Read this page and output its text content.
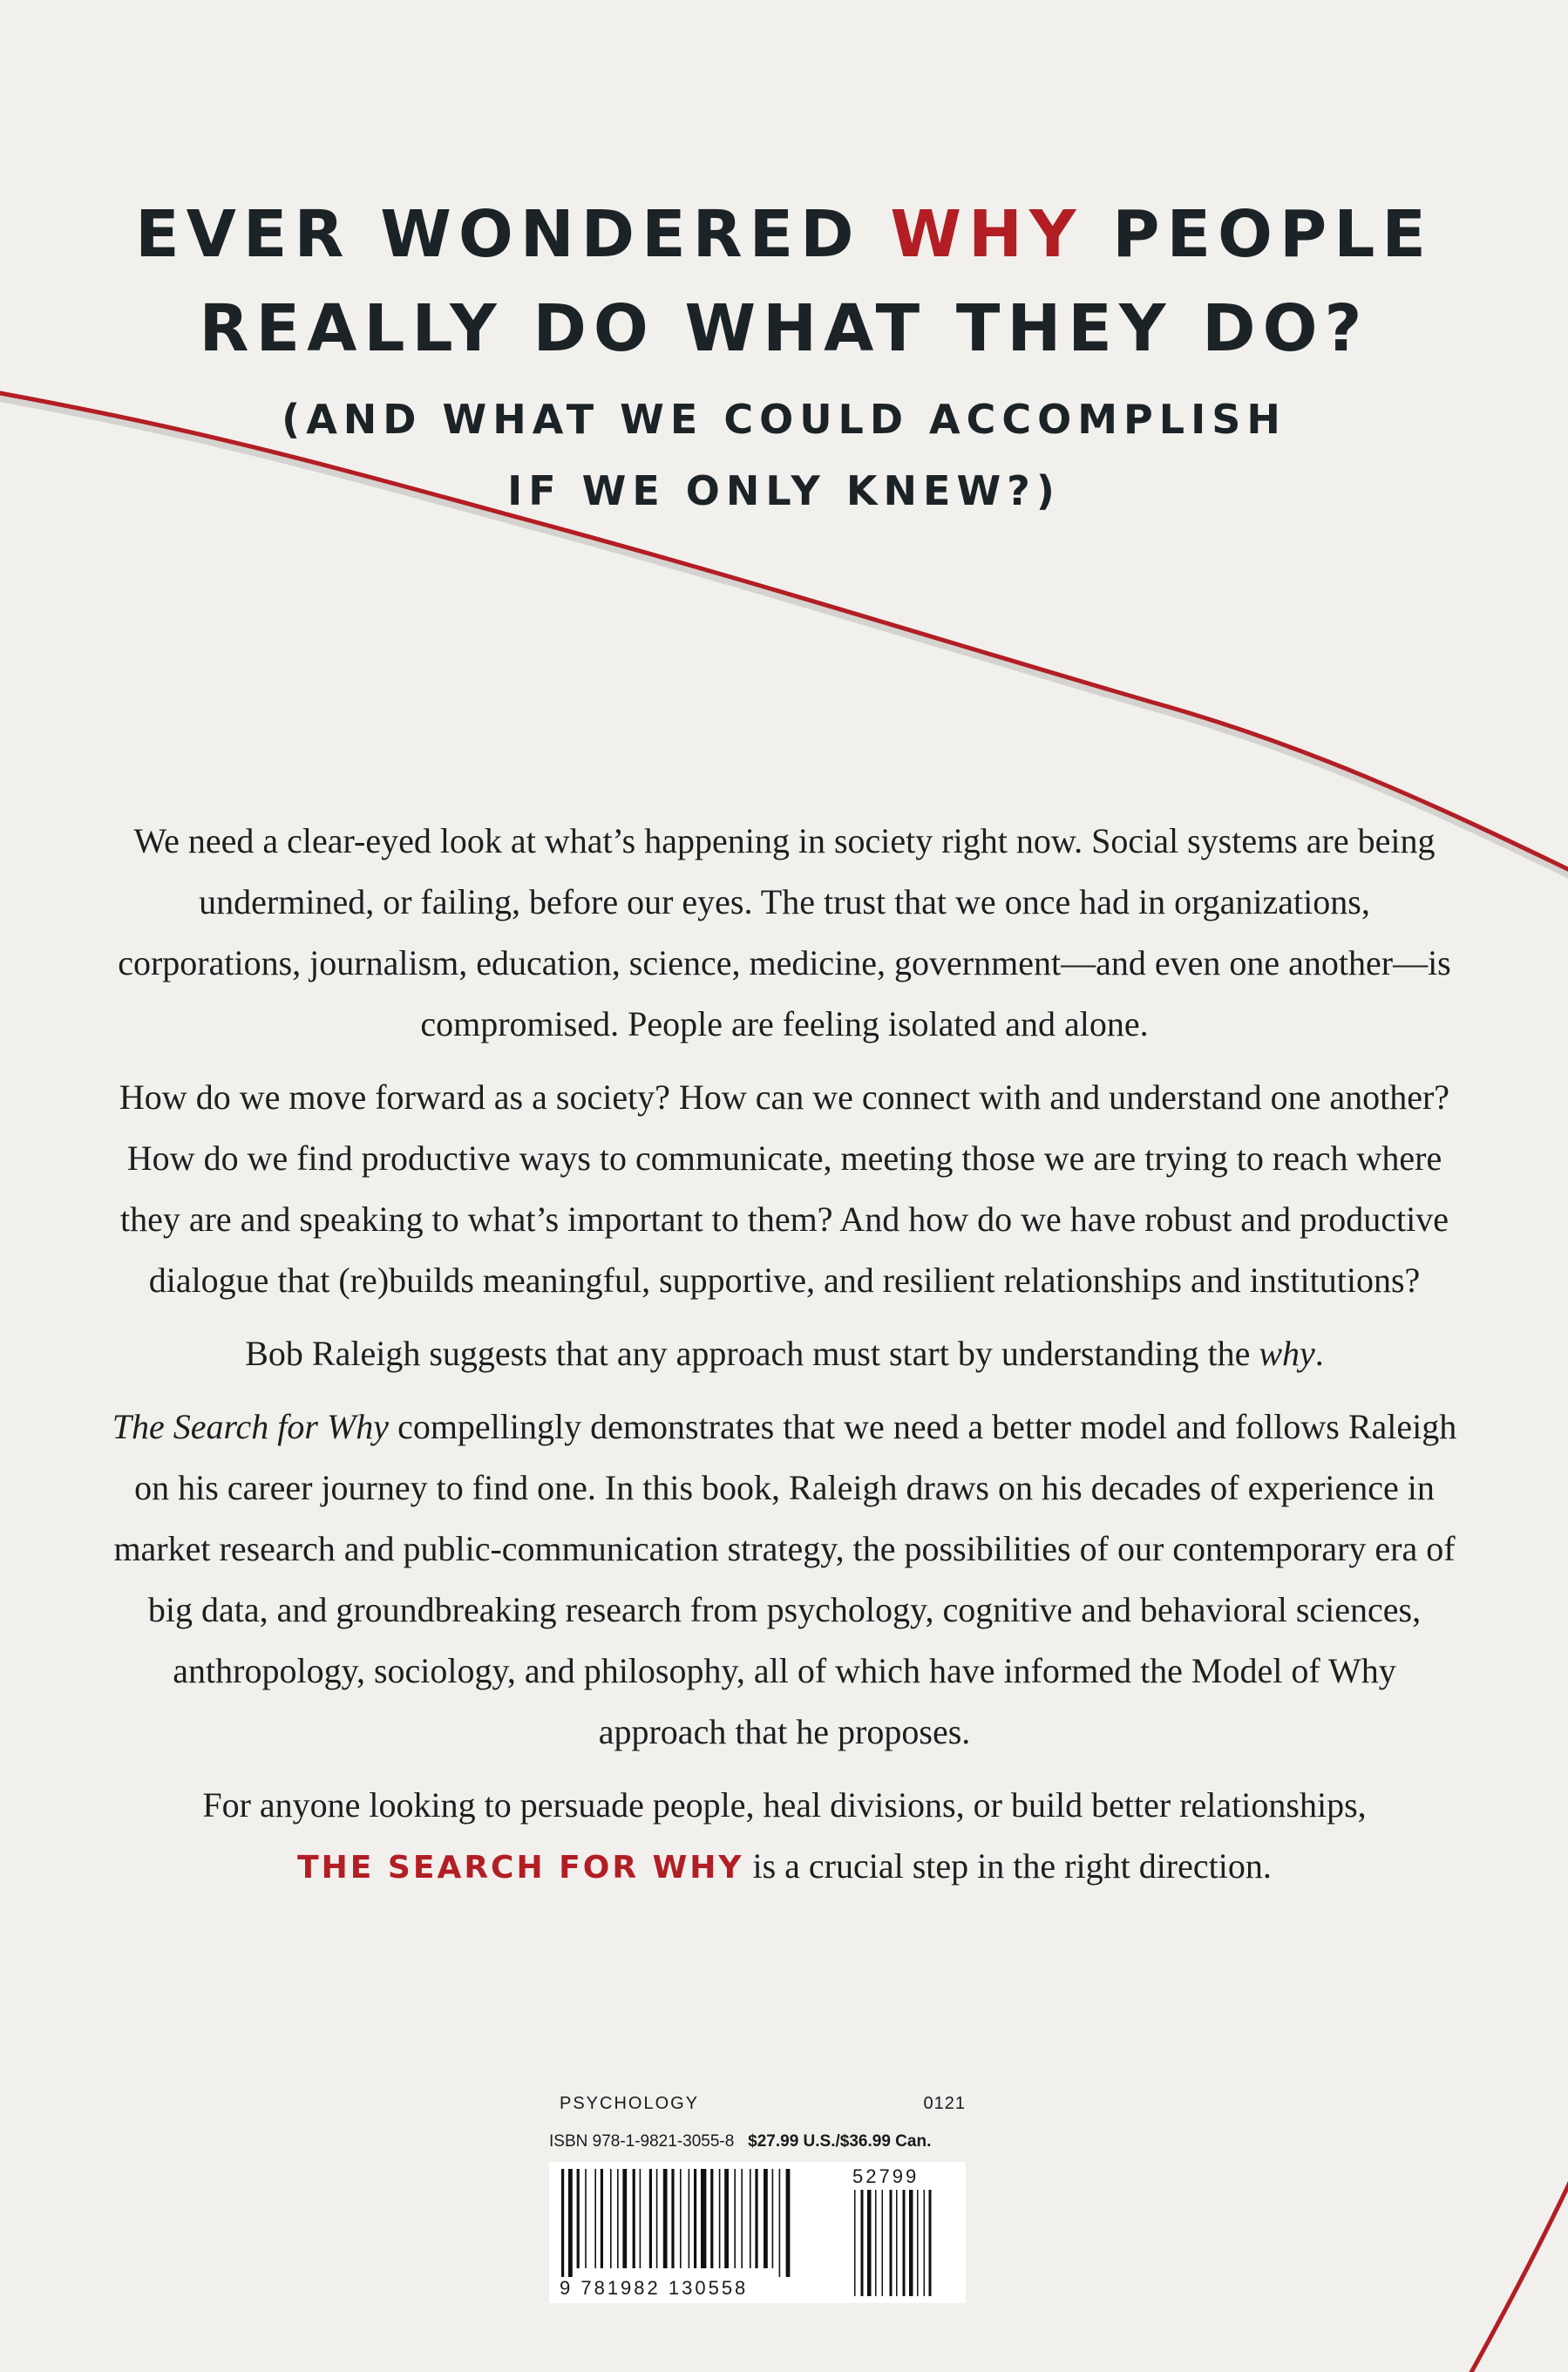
EVER WONDERED WHY PEOPLE
REALLY DO WHAT THEY DO?
(AND WHAT WE COULD ACCOMPLISH
IF WE ONLY KNEW?)

We need a clear-eyed look at what’s happening in society right now. Social systems are being undermined, or failing, before our eyes. The trust that we once had in organizations, corporations, journalism, education, science, medicine, government—and even one another—is compromised. People are feeling isolated and alone.

How do we move forward as a society? How can we connect with and understand one another? How do we find productive ways to communicate, meeting those we are trying to reach where they are and speaking to what’s important to them? And how do we have robust and productive dialogue that (re)builds meaningful, supportive, and resilient relationships and institutions?

Bob Raleigh suggests that any approach must start by understanding the why.

The Search for Why compellingly demonstrates that we need a better model and follows Raleigh on his career journey to find one. In this book, Raleigh draws on his decades of experience in market research and public-communication strategy, the possibilities of our contemporary era of big data, and groundbreaking research from psychology, cognitive and behavioral sciences, anthropology, sociology, and philosophy, all of which have informed the Model of Why approach that he proposes.

For anyone looking to persuade people, heal divisions, or build better relationships,
THE SEARCH FOR WHY is a crucial step in the right direction.

PSYCHOLOGY	0121
ISBN 978-1-9821-3055-8 $27.99 U.S./$36.99 Can.
9 781982 130558
52799
